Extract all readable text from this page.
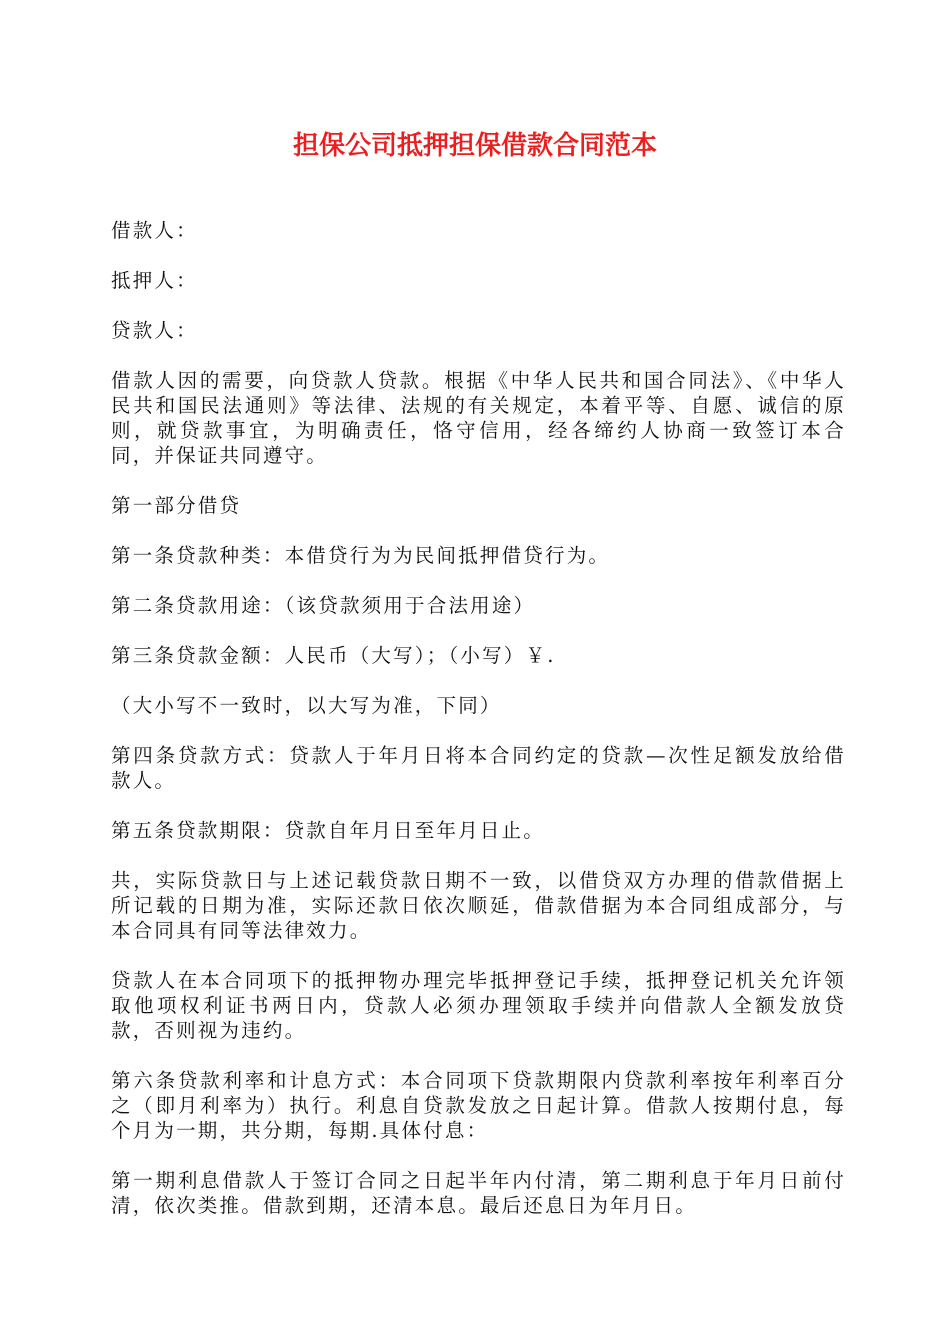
担保公司抵押担保借款合同范本

借款人：

抵押人：

贷款人：

借款人因的需要，向贷款人贷款。根据《中华人民共和国合同法》、《中华人民共和国民法通则》等法律、法规的有关规定，本着平等、自愿、诚信的原则，就贷款事宜，为明确责任，恪守信用，经各缔约人协商一致签订本合同，并保证共同遵守。

第一部分借贷

第一条贷款种类：本借贷行为为民间抵押借贷行为。

第二条贷款用途：（该贷款须用于合法用途）

第三条贷款金额：人民币（大写）；（小写）￥.

（大小写不一致时，以大写为准，下同）

第四条贷款方式：贷款人于年月日将本合同约定的贷款—次性足额发放给借款人。

第五条贷款期限：贷款自年月日至年月日止。

共，实际贷款日与上述记载贷款日期不一致，以借贷双方办理的借款借据上所记载的日期为准，实际还款日依次顺延，借款借据为本合同组成部分，与本合同具有同等法律效力。

贷款人在本合同项下的抵押物办理完毕抵押登记手续，抵押登记机关允许领取他项权利证书两日内，贷款人必须办理领取手续并向借款人全额发放贷款，否则视为违约。

第六条贷款利率和计息方式：本合同项下贷款期限内贷款利率按年利率百分之（即月利率为）执行。利息自贷款发放之日起计算。借款人按期付息，每个月为一期，共分期，每期.具体付息：

第一期利息借款人于签订合同之日起半年内付清，第二期利息于年月日前付清，依次类推。借款到期，还清本息。最后还息日为年月日。
